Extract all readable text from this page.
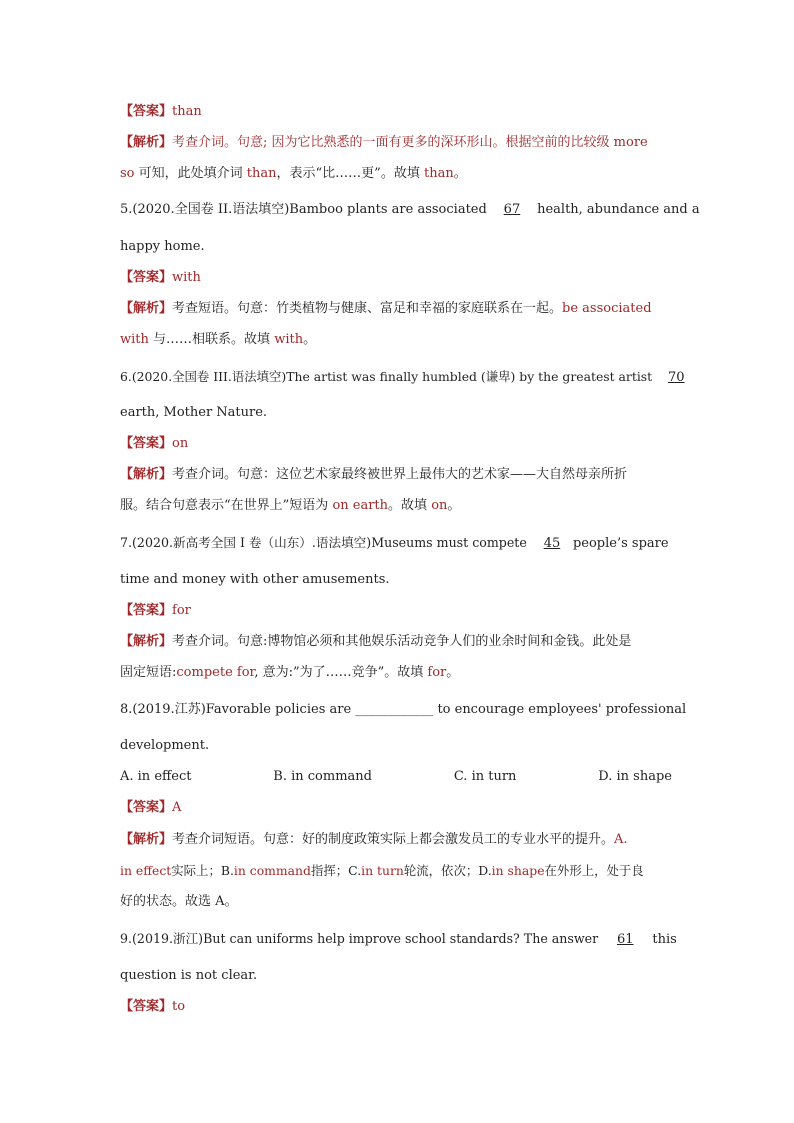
【答案】than
【解析】考查介词。句意; 因为它比熟悉的一面有更多的深环形山。根据空前的比较级 more
so 可知，此处填介词 than，表示“比……更”。故填 than。
5.(2020.全国卷 II.语法填空)Bamboo plants are associated 67 health, abundance and a
happy home.
【答案】with
【解析】考查短语。句意：竹类植物与健康、富足和幸福的家庭联系在一起。be associated
with 与……相联系。故填 with。
6.(2020.全国卷 III.语法填空)The artist was finally humbled (谦卑) by the greatest artist 70
earth, Mother Nature.
【答案】on
【解析】考查介词。句意：这位艺术家最终被世界上最伟大的艺术家——大自然母亲所折
服。结合句意表示“在世界上”短语为 on earth。故填 on。
7.(2020.新高考全国 I 卷（山东）.语法填空)Museums must compete 45 people’s spare
time and money with other amusements.
【答案】for
【解析】考查介词。句意:博物馆必须和其他娱乐活动竞争人们的业余时间和金钱。此处是
固定短语:compete for, 意为:”为了……竞争”。故填 for。
8.(2019.江苏)Favorable policies are ____________ to encourage employees' professional
development.
A. in effect	B. in command	C. in turn	D. in shape
【答案】A
【解析】考查介词短语。句意：好的制度政策实际上都会激发员工的专业水平的提升。A.
in effect实际上；B.in command指挥；C.in turn轮流，依次；D.in shape在外形上，处于良
好的状态。故选 A。
9.(2019.浙江)But can uniforms help improve school standards? The answer 61 this
question is not clear.
【答案】to
